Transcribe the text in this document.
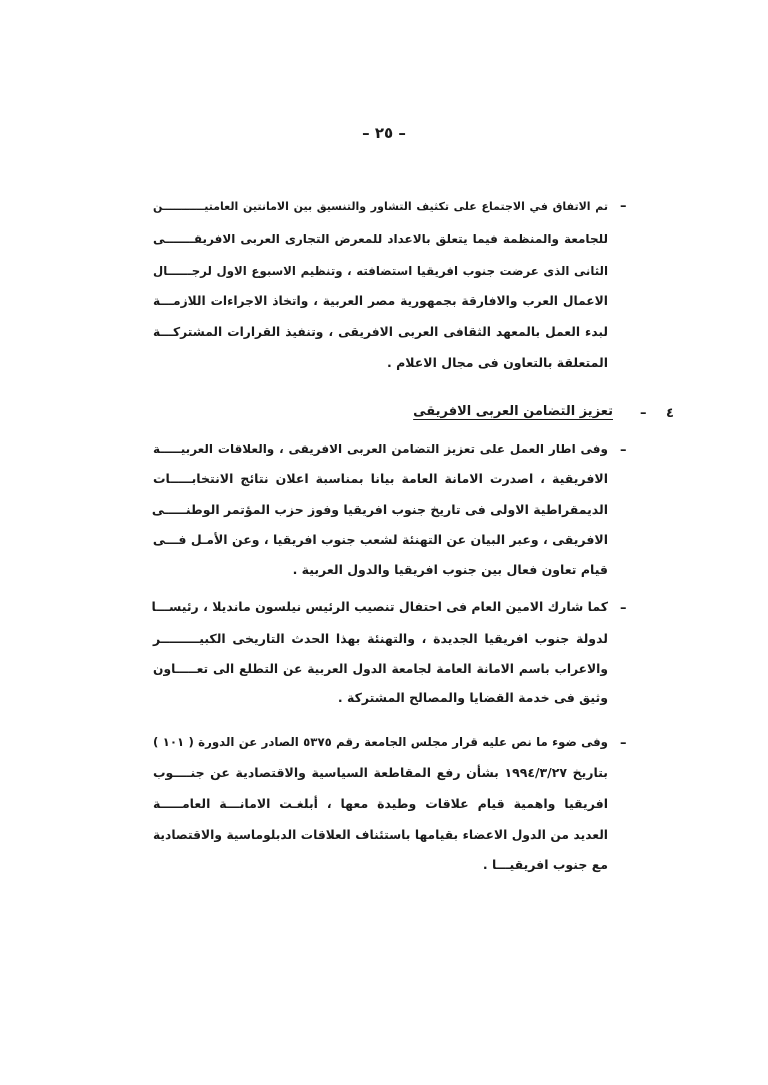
– ٢٥ –
–
تم الاتفاق في الاجتماع على تكثيف التشاور والتنسيق بين الامانتين العامتيـــــــــــن
للجامعة والمنظمة فيما يتعلق بالاعداد للمعرض التجارى العربى الافريقـــــــى
الثانى الذى عرضت جنوب افريقيا استضافته ، وتنظيم الاسبوع الاول لرجــــــال
الاعمال العرب والافارقة بجمهورية مصر العربية ، واتخاذ الاجراءات اللازمـــة
لبدء العمل بالمعهد الثقافى العربى الافريقى ، وتنفيذ القرارات المشتركـــة
المتعلقة بالتعاون فى مجال الاعلام .
٤
–
تعزيز التضامن العربى الافريقى
–
وفى اطار العمل على تعزيز التضامن العربى الافريقى ، والعلاقات العربيـــــة
الافريقية ، اصدرت الامانة العامة بيانا بمناسبة اعلان نتائج الانتخابـــــات
الديمقراطية الاولى فى تاريخ جنوب افريقيا وفوز حزب المؤتمر الوطنـــــى
الافريقى ، وعبر البيان عن التهنئة لشعب جنوب افريقيا ، وعن الأمـل فـــى
قيام تعاون فعال بين جنوب افريقيا والدول العربية .
–
كما شارك الامين العام فى احتفال تنصيب الرئيس نيلسون مانديلا ، رئيســـا
لدولة جنوب افريقيا الجديدة ، والتهنئة بهذا الحدث التاريخى الكبيـــــــــر
والاعراب باسم الامانة العامة لجامعة الدول العربية عن التطلع الى تعـــــاون
وثيق فى خدمة القضايا والمصالح المشتركة .
–
وفى ضوء ما نص عليه قرار مجلس الجامعة رقم ٥٣٧٥ الصادر عن الدورة ( ١٠١ )
بتاريخ ١٩٩٤/٣/٢٧ بشأن رفع المقاطعة السياسية والاقتصادية عن جنــــوب
افريقيا واهمية قيام علاقات وطيدة معها ، أبلغـت الامانـــة العامـــــة
العديد من الدول الاعضاء بقيامها باستئناف العلاقات الدبلوماسية والاقتصادية
مع جنوب افريقيـــا .
